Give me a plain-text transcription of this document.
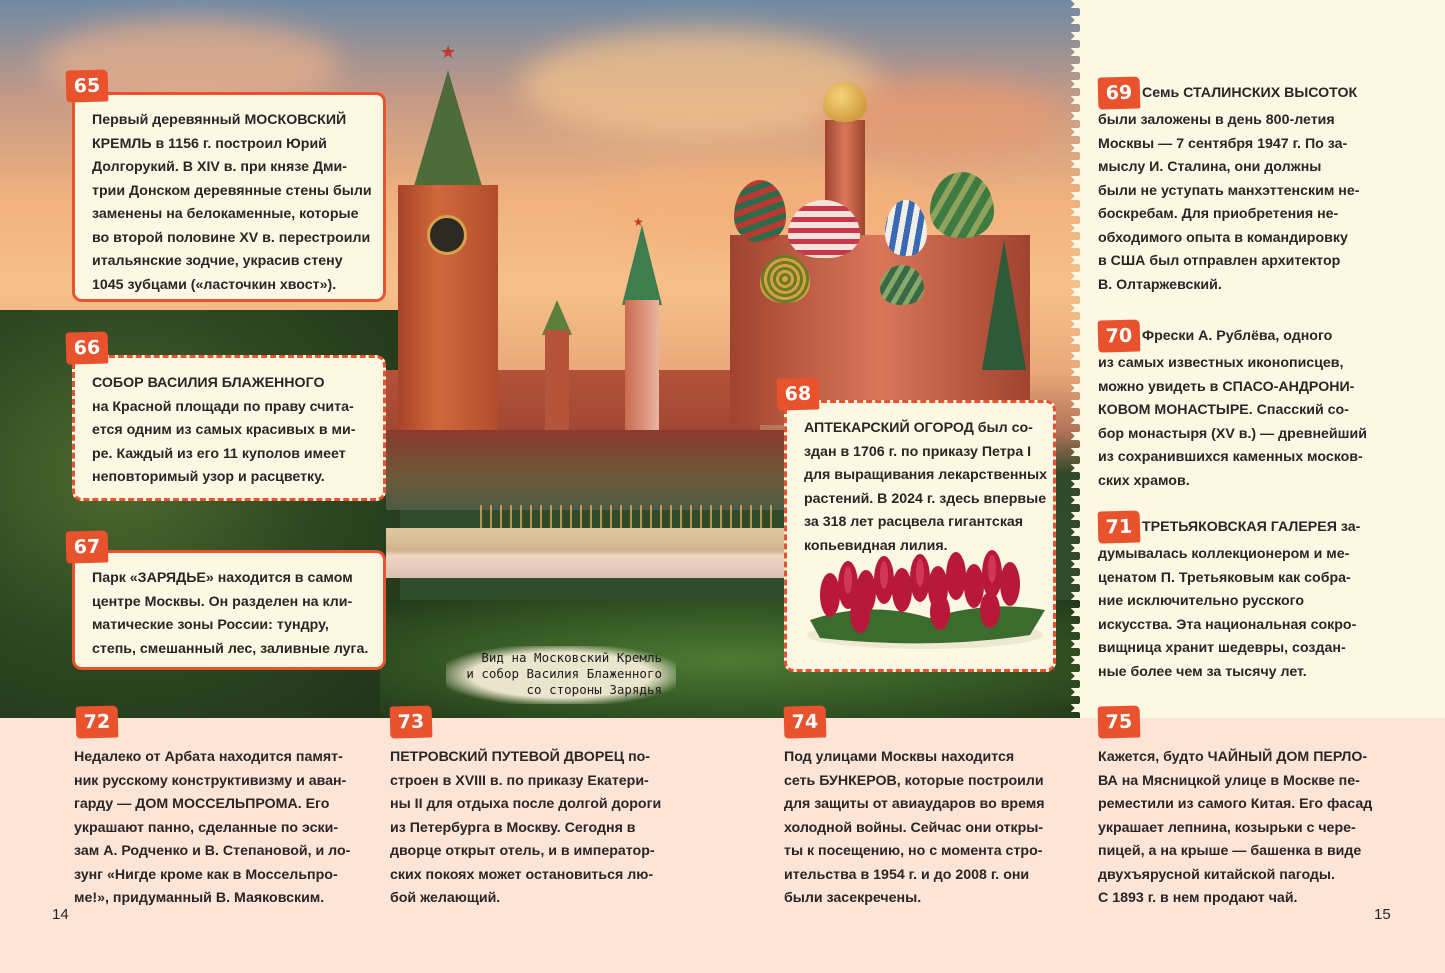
★
★
Вид на Московский Кремль
и собор Василия Блаженного
со стороны Зарядья
Первый деревянный МОСКОВСКИЙ
КРЕМЛЬ в 1156 г. построил Юрий
Долгорукий. В XIV в. при князе Дми-
трии Донском деревянные стены были
заменены на белокаменные, которые
во второй половине XV в. перестроили
итальянские зодчие, украсив стену
1045 зубцами («ласточкин хвост»).
65
СОБОР ВАСИЛИЯ БЛАЖЕННОГО
на Красной площади по праву счита-
ется одним из самых красивых в ми-
ре. Каждый из его 11 куполов имеет
неповторимый узор и расцветку.
66
Парк «ЗАРЯДЬЕ» находится в самом
центре Москвы. Он разделен на кли-
матические зоны России: тундру,
степь, смешанный лес, заливные луга.
67
АПТЕКАРСКИЙ ОГОРОД был со-
здан в 1706 г. по приказу Петра I
для выращивания лекарственных
растений. В 2024 г. здесь впервые
за 318 лет расцвела гигантская
копьевидная лилия.
68
69 Семь СТАЛИНСКИХ ВЫСОТОК
были заложены в день 800-летия
Москвы — 7 сентября 1947 г. По за-
мыслу И. Сталина, они должны
были не уступать манхэттенским не-
боскребам. Для приобретения не-
обходимого опыта в командировку
в США был отправлен архитектор
В. Олтаржевский.
70 Фрески А. Рублёва, одного
из самых известных иконописцев,
можно увидеть в СПАСО-АНДРОНИ-
КОВОМ МОНАСТЫРЕ. Спасский со-
бор монастыря (XV в.) — древнейший
из сохранившихся каменных москов-
ских храмов.
71 ТРЕТЬЯКОВСКАЯ ГАЛЕРЕЯ за-
думывалась коллекционером и ме-
ценатом П. Третьяковым как собра-
ние исключительно русского
искусства. Эта национальная сокро-
вищница хранит шедевры, создан-
ные более чем за тысячу лет.
72
Недалеко от Арбата находится памят-
ник русскому конструктивизму и аван-
гарду — ДОМ МОССЕЛЬПРОМА. Его
украшают панно, сделанные по эски-
зам А. Родченко и В. Степановой, и ло-
зунг «Нигде кроме как в Моссельпро-
ме!», придуманный В. Маяковским.
73
ПЕТРОВСКИЙ ПУТЕВОЙ ДВОРЕЦ по-
строен в XVIII в. по приказу Екатери-
ны II для отдыха после долгой дороги
из Петербурга в Москву. Сегодня в
дворце открыт отель, и в император-
ских покоях может остановиться лю-
бой желающий.
74
Под улицами Москвы находится
сеть БУНКЕРОВ, которые построили
для защиты от авиаударов во время
холодной войны. Сейчас они откры-
ты к посещению, но с момента стро-
ительства в 1954 г. и до 2008 г. они
были засекречены.
75
Кажется, будто ЧАЙНЫЙ ДОМ ПЕРЛО-
ВА на Мясницкой улице в Москве пе-
реместили из самого Китая. Его фасад
украшает лепнина, козырьки с чере-
пицей, а на крыше — башенка в виде
двухъярусной китайской пагоды.
С 1893 г. в нем продают чай.
14	15
